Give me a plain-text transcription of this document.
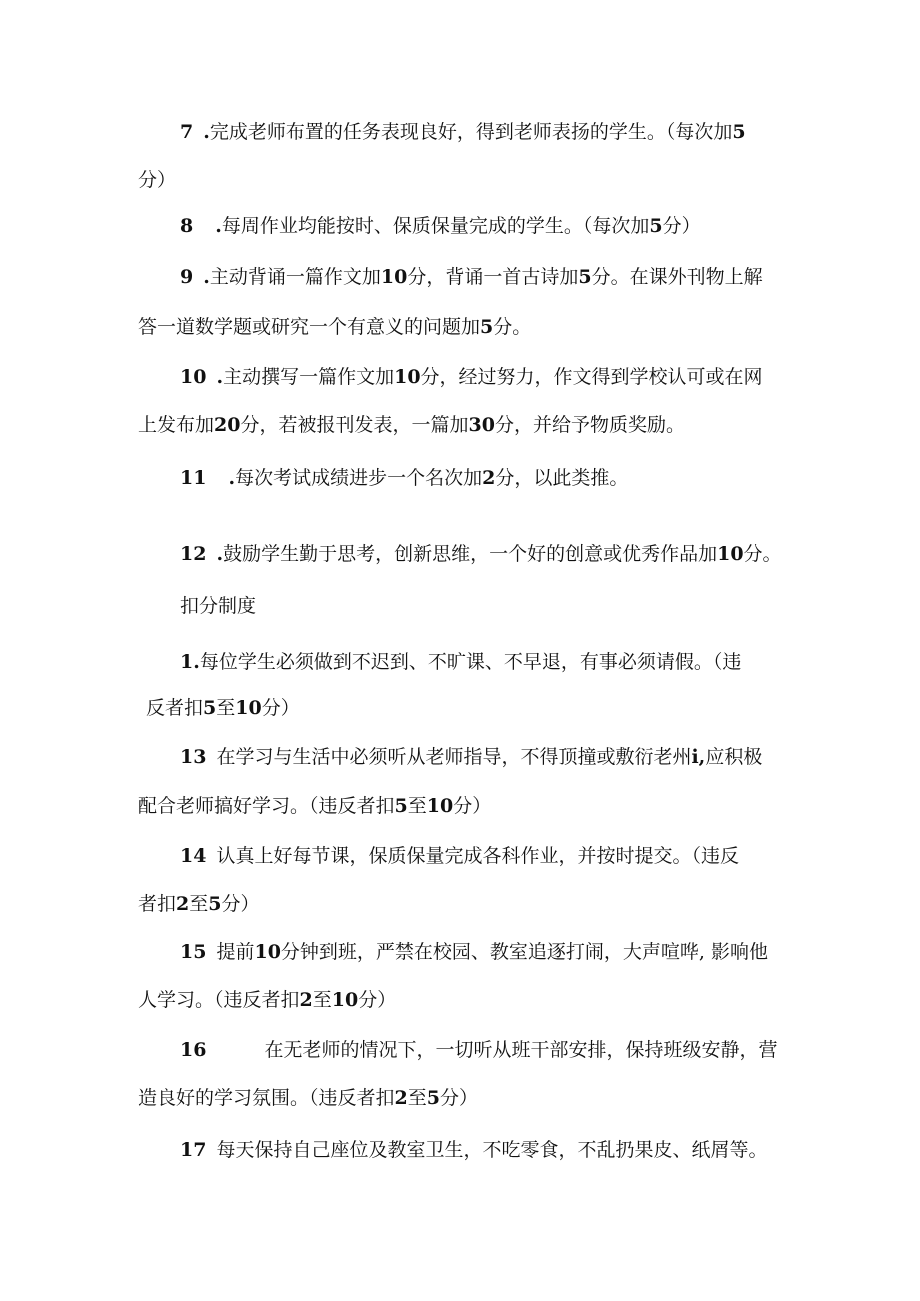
7 .完成老师布置的任务表现良好，得到老师表扬的学生。（每次加5
分）
8 .每周作业均能按时、保质保量完成的学生。（每次加5分）
9 .主动背诵一篇作文加10分，背诵一首古诗加5分。在课外刊物上解
答一道数学题或研究一个有意义的问题加5分。
10 .主动撰写一篇作文加10分，经过努力，作文得到学校认可或在网
上发布加20分，若被报刊发表，一篇加30分，并给予物质奖励。
11 .每次考试成绩进步一个名次加2分，以此类推。
12 .鼓励学生勤于思考，创新思维，一个好的创意或优秀作品加10分。
扣分制度
1.每位学生必须做到不迟到、不旷课、不早退，有事必须请假。（违
反者扣5至10分）
13 在学习与生活中必须听从老师指导，不得顶撞或敷衍老州i,应积极
配合老师搞好学习。（违反者扣5至10分）
14 认真上好每节课，保质保量完成各科作业，并按时提交。（违反
者扣2至5分）
15 提前10分钟到班，严禁在校园、教室追逐打闹，大声喧哗, 影响他
人学习。（违反者扣2至10分）
16	在无老师的情况下，一切听从班干部安排，保持班级安静，营
造良好的学习氛围。（违反者扣2至5分）
17 每天保持自己座位及教室卫生，不吃零食，不乱扔果皮、纸屑等。
